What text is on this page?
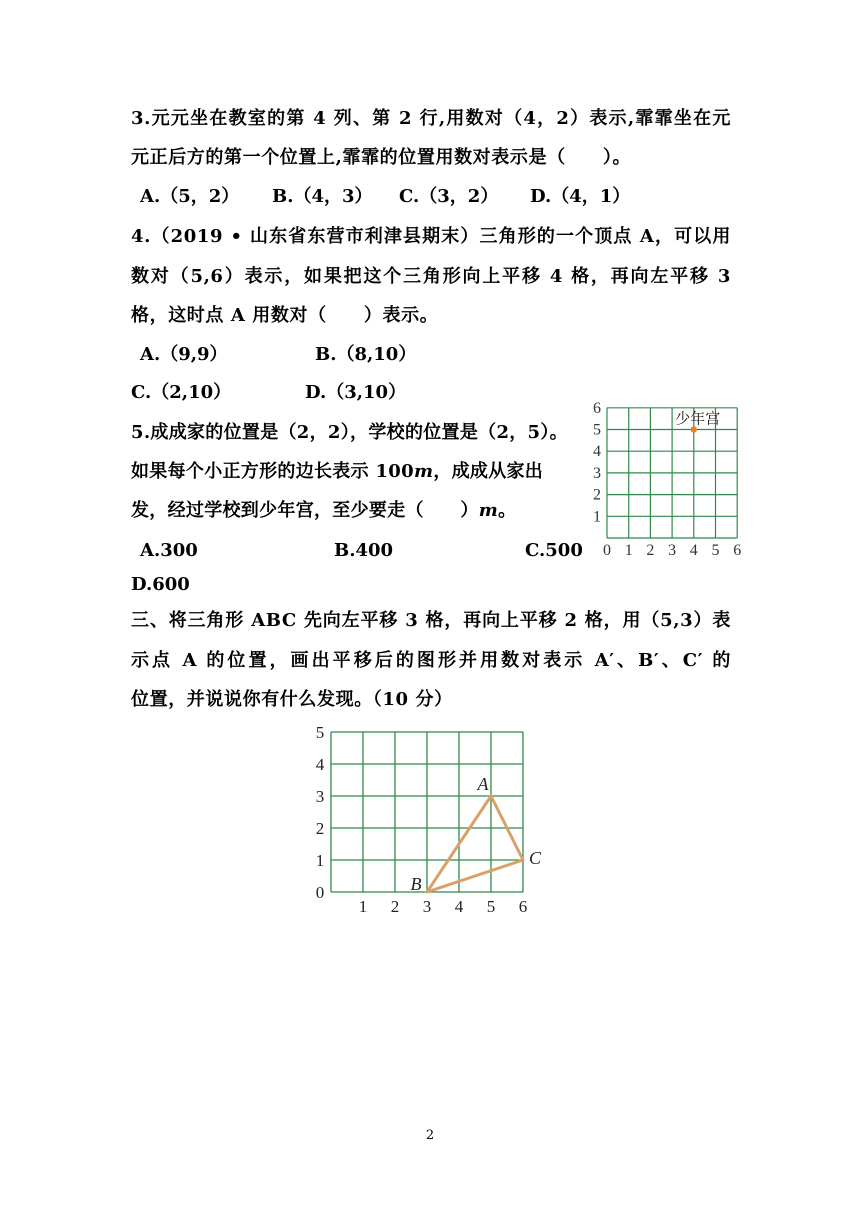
3.元元坐在教室的第 4 列、第 2 行,用数对（4，2）表示,霏霏坐在元

元正后方的第一个位置上,霏霏的位置用数对表示是（　　）。

A.（5，2） B.（4，3） C.（3，2） D.（4，1）

4.（2019 • 山东省东营市利津县期末）三角形的一个顶点 A，可以用

数对（5,6）表示，如果把这个三角形向上平移 4 格，再向左平移 3

格，这时点 A 用数对（　　）表示。

A.（9,9）	B.（8,10）
C.（2,10）	D.（3,10）

5.成成家的位置是（2，2），学校的位置是（2，5）。

如果每个小正方形的边长表示 100m，成成从家出

发，经过学校到少年宫，至少要走（　　）m。

A.300	B.400	C.500
D.600
0 1 2 3 4 5 6
1
2
3
4
5
6
少年宫

三、将三角形 ABC 先向左平移 3 格，再向上平移 2 格，用（5,3）表

示点 A 的位置，画出平移后的图形并用数对表示 A′、B′、C′ 的

位置，并说说你有什么发现。（10 分）

1 2 3 4 5 6
0
1
2
3
4
5
A
B
C
2
